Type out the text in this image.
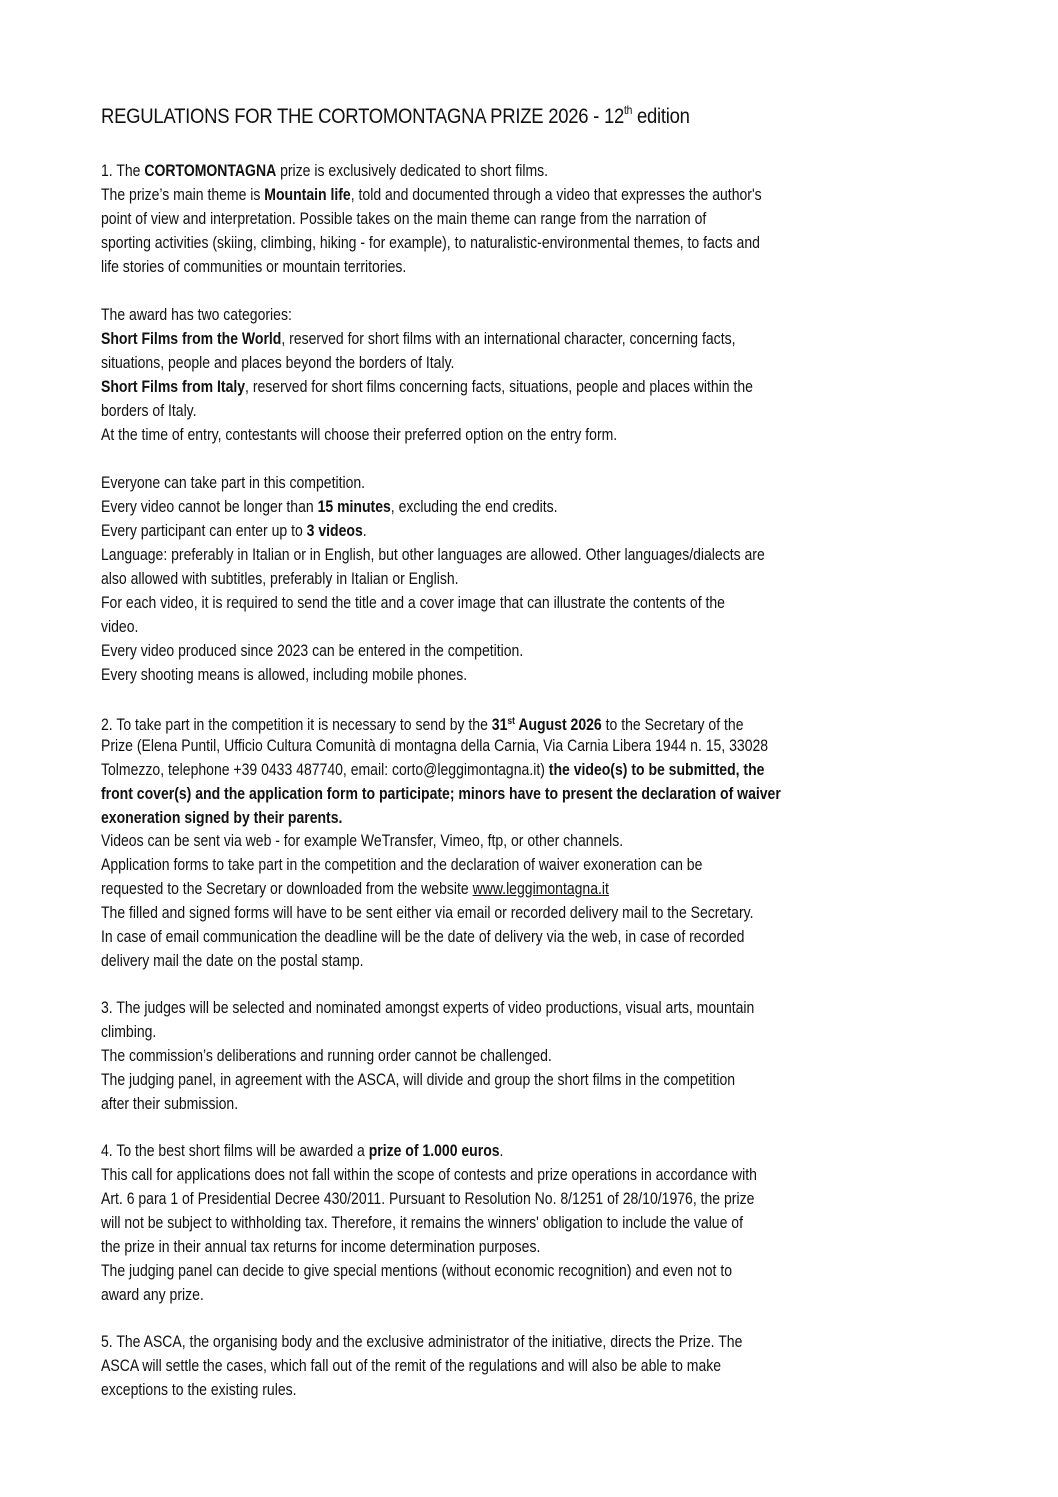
REGULATIONS FOR THE CORTOMONTAGNA PRIZE 2026 - 12th edition
1. The CORTOMONTAGNA prize is exclusively dedicated to short films.
The prize’s main theme is Mountain life, told and documented through a video that expresses the author's
point of view and interpretation. Possible takes on the main theme can range from the narration of
sporting activities (skiing, climbing, hiking - for example), to naturalistic-environmental themes, to facts and
life stories of communities or mountain territories.
The award has two categories:
Short Films from the World, reserved for short films with an international character, concerning facts,
situations, people and places beyond the borders of Italy.
Short Films from Italy, reserved for short films concerning facts, situations, people and places within the
borders of Italy.
At the time of entry, contestants will choose their preferred option on the entry form.
Everyone can take part in this competition.
Every video cannot be longer than 15 minutes, excluding the end credits.
Every participant can enter up to 3 videos.
Language: preferably in Italian or in English, but other languages are allowed. Other languages/dialects are
also allowed with subtitles, preferably in Italian or English.
For each video, it is required to send the title and a cover image that can illustrate the contents of the
video.
Every video produced since 2023 can be entered in the competition.
Every shooting means is allowed, including mobile phones.
2. To take part in the competition it is necessary to send by the 31st August 2026 to the Secretary of the
Prize (Elena Puntil, Ufficio Cultura Comunità di montagna della Carnia, Via Carnia Libera 1944 n. 15, 33028
Tolmezzo, telephone +39 0433 487740, email: corto@leggimontagna.it) the video(s) to be submitted, the
front cover(s) and the application form to participate; minors have to present the declaration of waiver
exoneration signed by their parents.
Videos can be sent via web - for example WeTransfer, Vimeo, ftp, or other channels.
Application forms to take part in the competition and the declaration of waiver exoneration can be
requested to the Secretary or downloaded from the website www.leggimontagna.it
The filled and signed forms will have to be sent either via email or recorded delivery mail to the Secretary.
In case of email communication the deadline will be the date of delivery via the web, in case of recorded
delivery mail the date on the postal stamp.
3. The judges will be selected and nominated amongst experts of video productions, visual arts, mountain
climbing.
The commission’s deliberations and running order cannot be challenged.
The judging panel, in agreement with the ASCA, will divide and group the short films in the competition
after their submission.
4. To the best short films will be awarded a prize of 1.000 euros.
This call for applications does not fall within the scope of contests and prize operations in accordance with
Art. 6 para 1 of Presidential Decree 430/2011. Pursuant to Resolution No. 8/1251 of 28/10/1976, the prize
will not be subject to withholding tax. Therefore, it remains the winners' obligation to include the value of
the prize in their annual tax returns for income determination purposes.
The judging panel can decide to give special mentions (without economic recognition) and even not to
award any prize.
5. The ASCA, the organising body and the exclusive administrator of the initiative, directs the Prize. The
ASCA will settle the cases, which fall out of the remit of the regulations and will also be able to make
exceptions to the existing rules.
